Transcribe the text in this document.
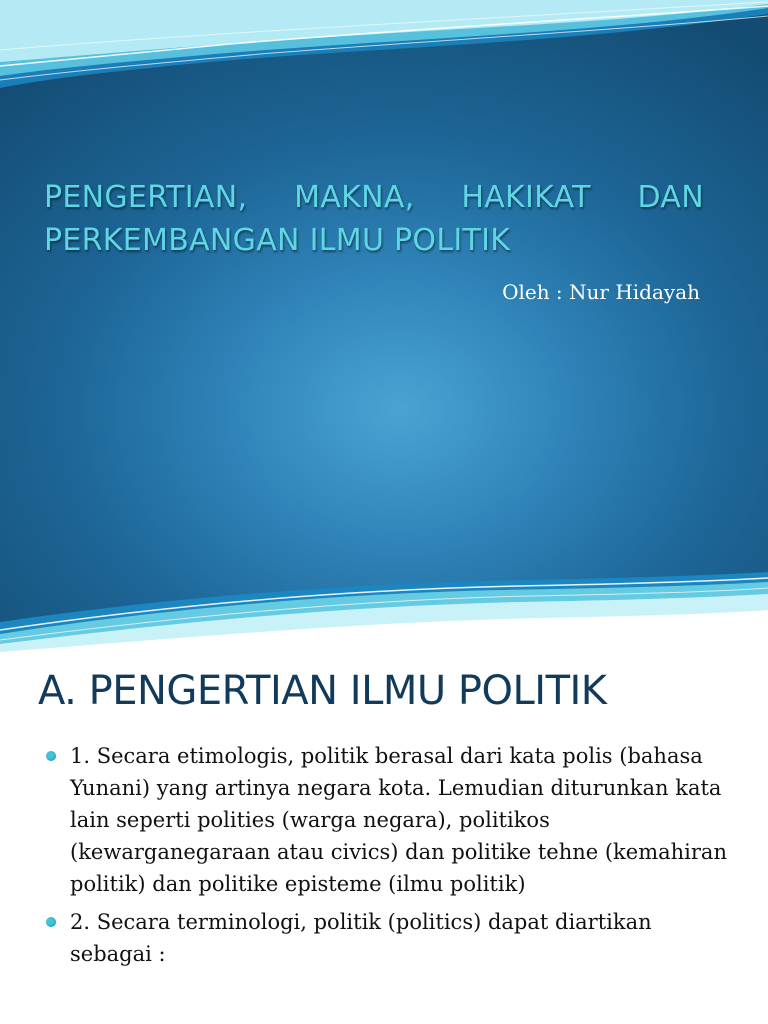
PENGERTIAN, MAKNA, HAKIKAT DAN PERKEMBANGAN ILMU POLITIK

Oleh : Nur Hidayah

A. PENGERTIAN ILMU POLITIK
1. Secara etimologis, politik berasal dari kata polis (bahasa Yunani) yang artinya negara kota. Lemudian diturunkan kata lain seperti polities (warga negara), politikos (kewarganegaraan atau civics) dan politike tehne (kemahiran politik) dan politike episteme (ilmu politik)
2. Secara terminologi, politik (politics) dapat diartikan sebagai :
